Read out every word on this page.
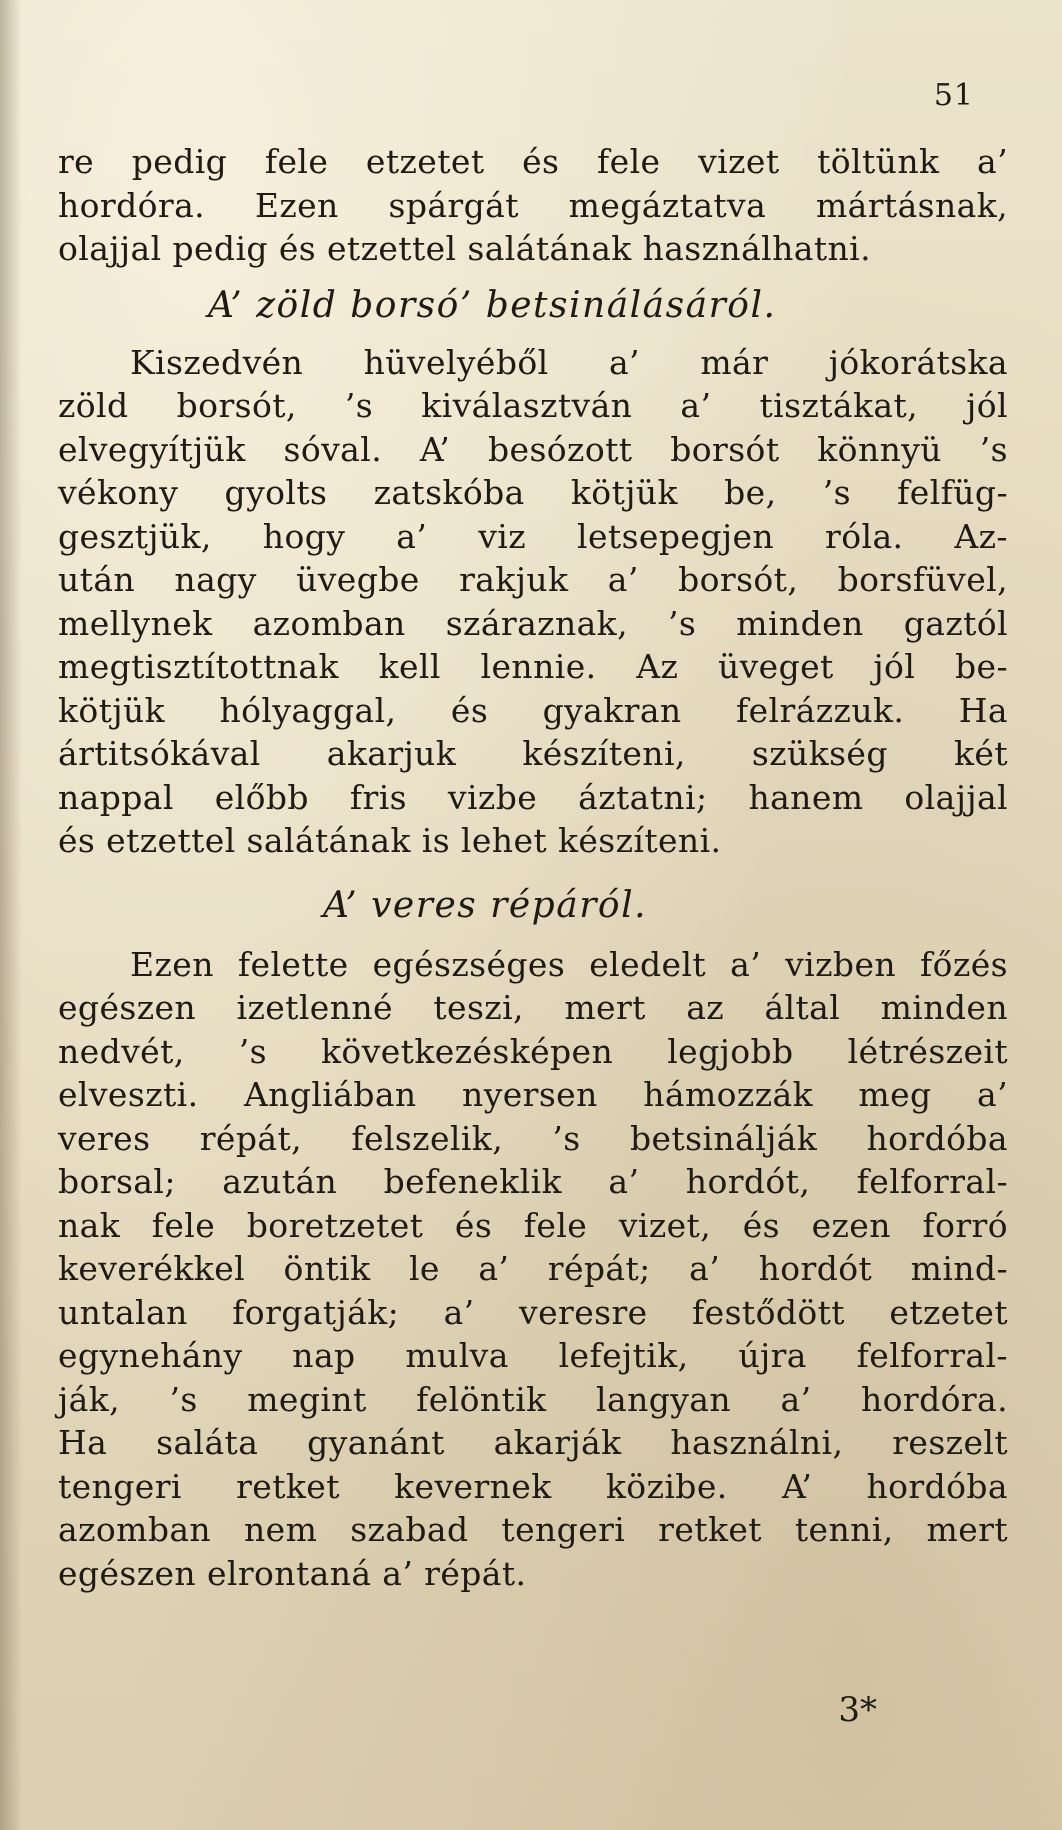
51
re pedig fele etzetet és fele vizet töltünk a’
hordóra. Ezen spárgát megáztatva mártásnak,
olajjal pedig és etzettel salátának használhatni.
A’ zöld borsó’ betsinálásáról.
Kiszedvén hüvelyéből a’ már jókorátska
zöld borsót, ’s kiválasztván a’ tisztákat, jól
elvegyítjük sóval. A’ besózott borsót könnyü ’s
vékony gyolts zatskóba kötjük be, ’s felfüg-
gesztjük, hogy a’ viz letsepegjen róla. Az-
után nagy üvegbe rakjuk a’ borsót, borsfüvel,
mellynek azomban száraznak, ’s minden gaztól
megtisztítottnak kell lennie. Az üveget jól be-
kötjük hólyaggal, és gyakran felrázzuk. Ha
ártitsókával akarjuk készíteni, szükség két
nappal előbb fris vizbe áztatni; hanem olajjal
és etzettel salátának is lehet készíteni.
A’ veres répáról.
Ezen felette egészséges eledelt a’ vizben főzés
egészen izetlenné teszi, mert az által minden
nedvét, ’s következésképen legjobb létrészeit
elveszti. Angliában nyersen hámozzák meg a’
veres répát, felszelik, ’s betsinálják hordóba
borsal; azután befeneklik a’ hordót, felforral-
nak fele boretzetet és fele vizet, és ezen forró
keverékkel öntik le a’ répát; a’ hordót mind-
untalan forgatják; a’ veresre festődött etzetet
egynehány nap mulva lefejtik, újra felforral-
ják, ’s megint felöntik langyan a’ hordóra.
Ha saláta gyanánt akarják használni, reszelt
tengeri retket kevernek közibe. A’ hordóba
azomban nem szabad tengeri retket tenni, mert
egészen elrontaná a’ répát.
3*
